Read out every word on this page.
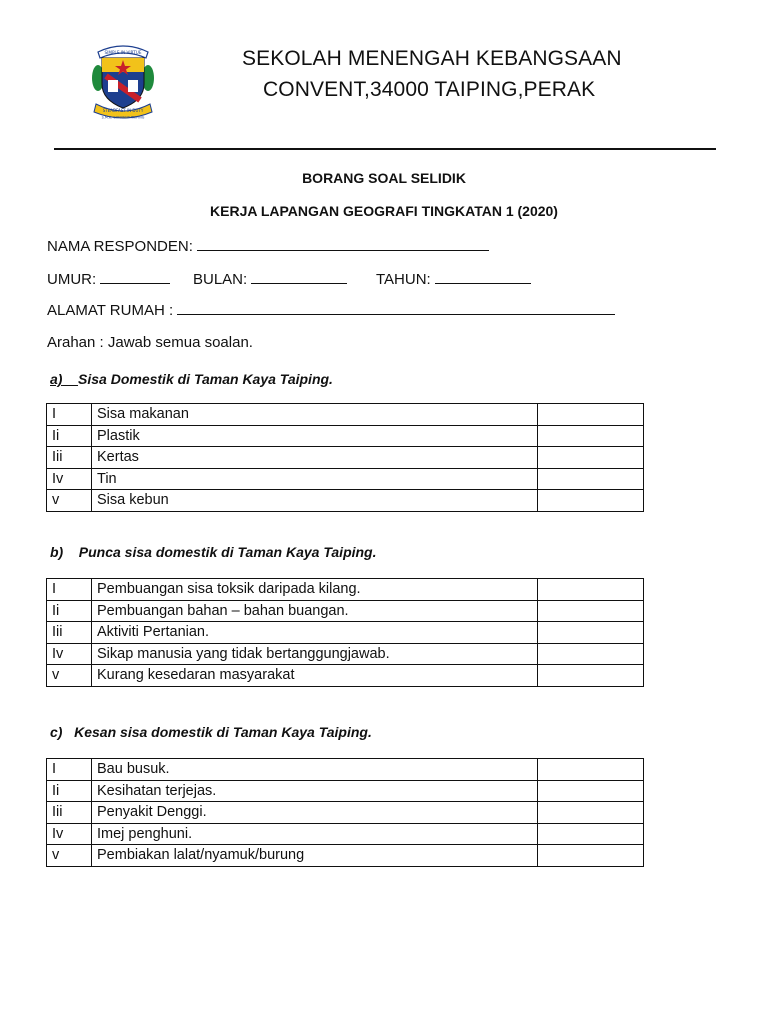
SIMPLE IN VIRTUE
STEADFAST IN DUTY
S.M.K. CONVENT TAIPING
SEKOLAH MENENGAH KEBANGSAAN
CONVENT,34000 TAIPING,PERAK
BORANG SOAL SELIDIK
KERJA LAPANGAN GEOGRAFI TINGKATAN 1 (2020)
NAMA RESPONDEN:
UMUR:	BULAN:	TAHUN:
ALAMAT RUMAH :
Arahan : Jawab semua soalan.
a) Sisa Domestik di Taman Kaya Taiping.
I	Sisa makanan	
Ii	Plastik	
Iii	Kertas	
Iv	Tin	
v	Sisa kebun	
b) Punca sisa domestik di Taman Kaya Taiping.
I	Pembuangan sisa toksik daripada kilang.	
Ii	Pembuangan bahan – bahan buangan.	
Iii	Aktiviti Pertanian.	
Iv	Sikap manusia yang tidak bertanggungjawab.	
v	Kurang kesedaran masyarakat	
c) Kesan sisa domestik di Taman Kaya Taiping.
I	Bau busuk.	
Ii	Kesihatan terjejas.	
Iii	Penyakit Denggi.	
Iv	Imej penghuni.	
v	Pembiakan lalat/nyamuk/burung	
